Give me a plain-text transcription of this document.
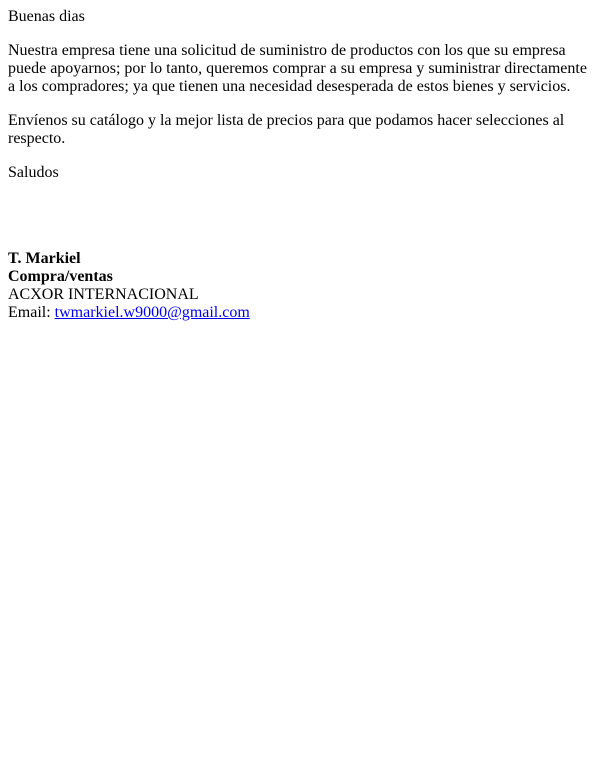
Buenas dias

Nuestra empresa tiene una solicitud de suministro de productos con los que su empresa puede apoyarnos; por lo tanto, queremos comprar a su empresa y suministrar directamente a los compradores; ya que tienen una necesidad desesperada de estos bienes y servicios.

Envíenos su catálogo y la mejor lista de precios para que podamos hacer selecciones al respecto.

Saludos

T. Markiel
Compra/ventas
ACXOR INTERNACIONAL
Email: twmarkiel.w9000@gmail.com
